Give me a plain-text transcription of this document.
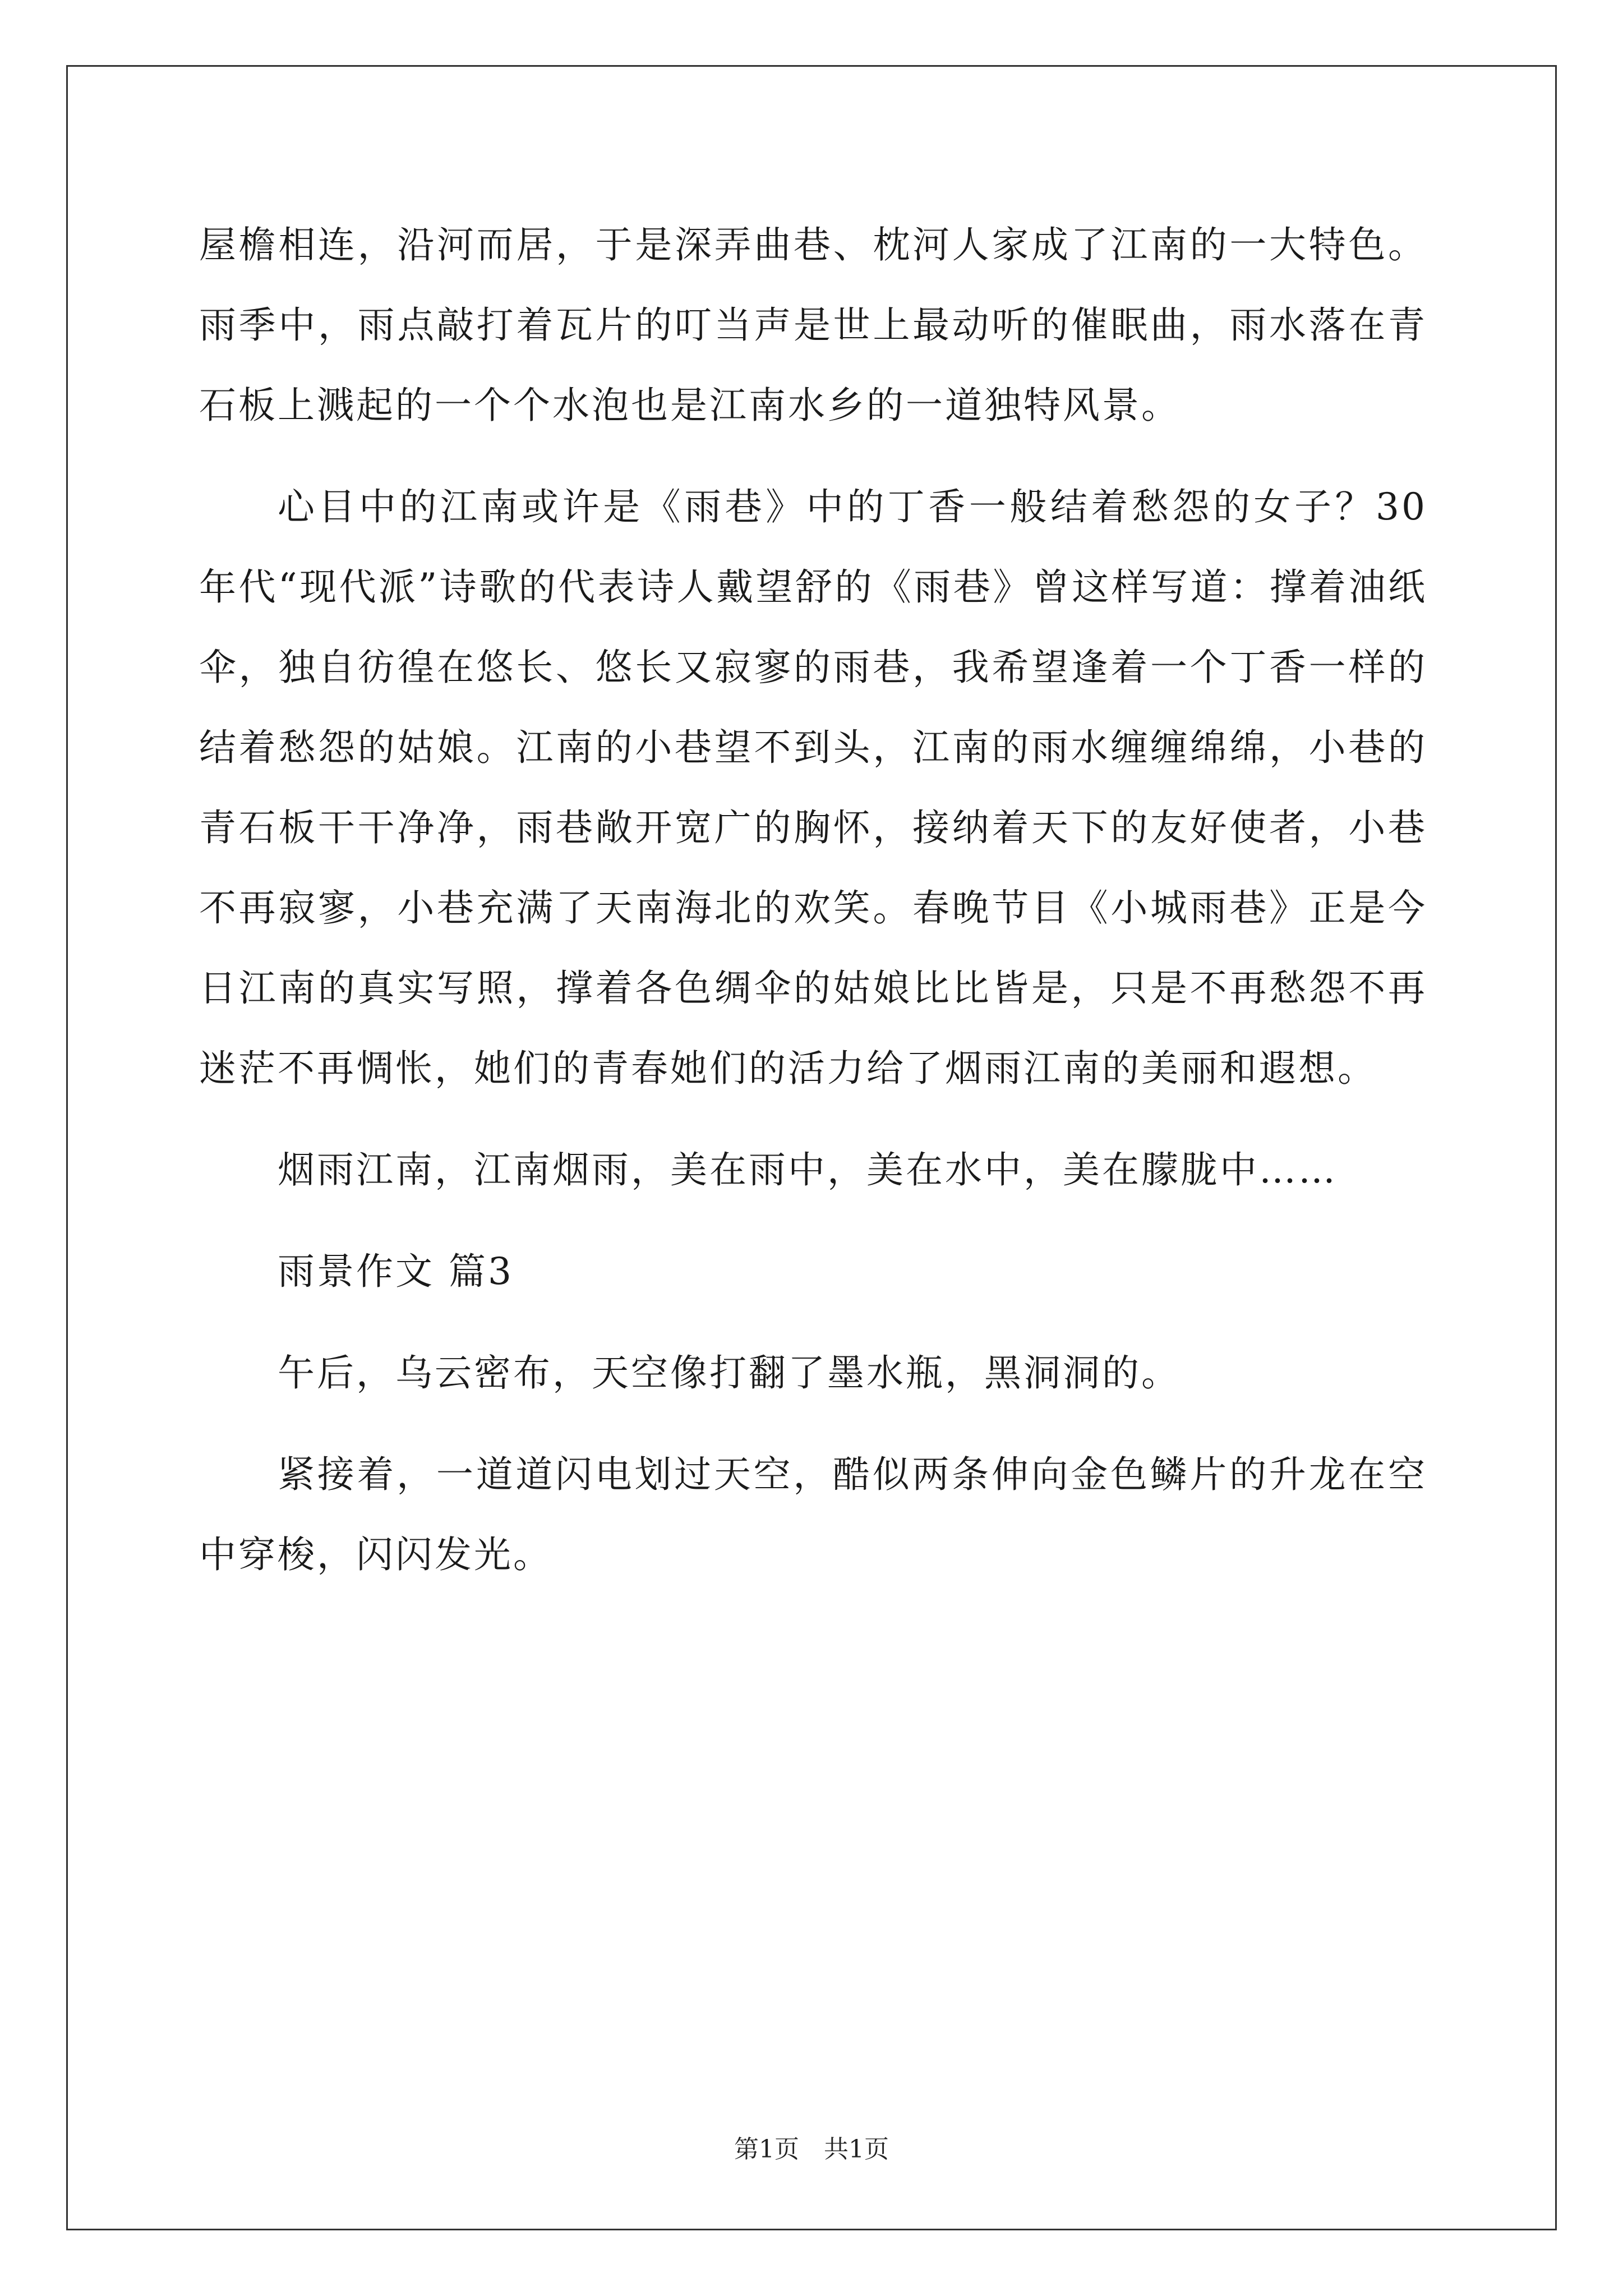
屋檐相连，沿河而居，于是深弄曲巷、枕河人家成了江南的一大特色。雨季中，雨点敲打着瓦片的叮当声是世上最动听的催眠曲，雨水落在青石板上溅起的一个个水泡也是江南水乡的一道独特风景。

心目中的江南或许是《雨巷》中的丁香一般结着愁怨的女子？30年代“现代派”诗歌的代表诗人戴望舒的《雨巷》曾这样写道：撑着油纸伞，独自彷徨在悠长、悠长又寂寥的雨巷，我希望逢着一个丁香一样的结着愁怨的姑娘。江南的小巷望不到头，江南的雨水缠缠绵绵，小巷的青石板干干净净，雨巷敞开宽广的胸怀，接纳着天下的友好使者，小巷不再寂寥，小巷充满了天南海北的欢笑。春晚节目《小城雨巷》正是今日江南的真实写照，撑着各色绸伞的姑娘比比皆是，只是不再愁怨不再迷茫不再惆怅，她们的青春她们的活力给了烟雨江南的美丽和遐想。

烟雨江南，江南烟雨，美在雨中，美在水中，美在朦胧中……

雨景作文 篇3

午后，乌云密布，天空像打翻了墨水瓶，黑洞洞的。

紧接着，一道道闪电划过天空，酷似两条伸向金色鳞片的升龙在空中穿梭，闪闪发光。

第1页　共1页
